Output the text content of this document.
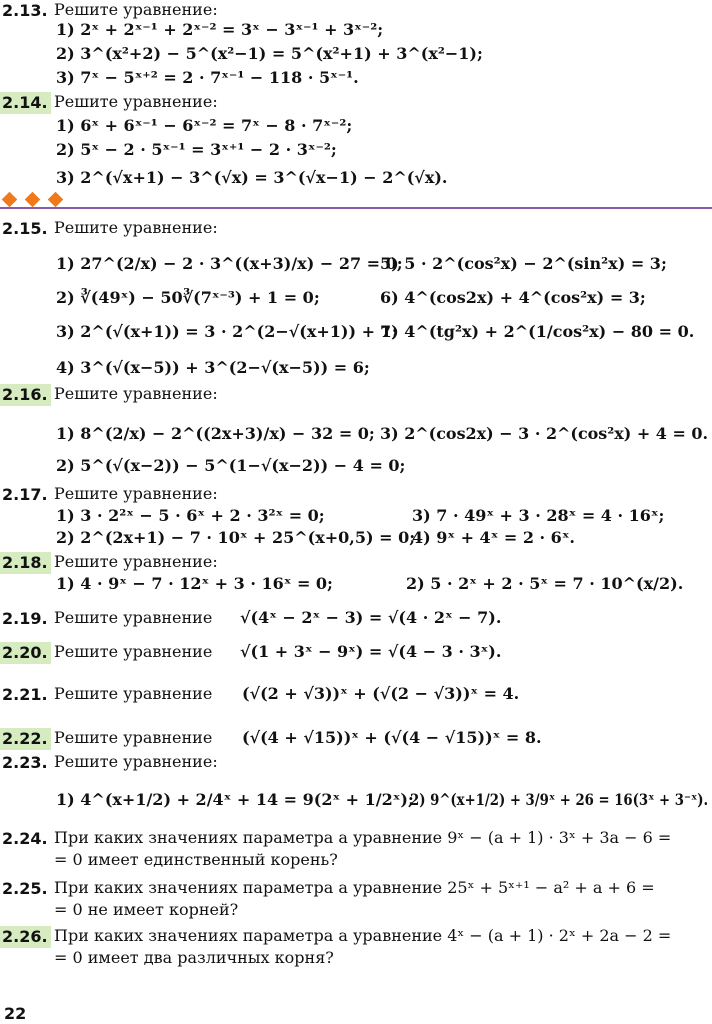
2.13. Решите уравнение:
1) 2ˣ + 2ˣ⁻¹ + 2ˣ⁻² = 3ˣ − 3ˣ⁻¹ + 3ˣ⁻²;
2) 3^(x²+2) − 5^(x²−1) = 5^(x²+1) + 3^(x²−1);
3) 7ˣ − 5ˣ⁺² = 2 · 7ˣ⁻¹ − 118 · 5ˣ⁻¹.
2.14. Решите уравнение:
1) 6ˣ + 6ˣ⁻¹ − 6ˣ⁻² = 7ˣ − 8 · 7ˣ⁻²;
2) 5ˣ − 2 · 5ˣ⁻¹ = 3ˣ⁺¹ − 2 · 3ˣ⁻²;
3) 2^(√x+1) − 3^(√x) = 3^(√x−1) − 2^(√x).
2.15. Решите уравнение:
1) 27^(2/x) − 2 · 3^((x+3)/x) − 27 = 0;
2) ∛(49ˣ) − 50∛(7ˣ⁻³) + 1 = 0;
3) 2^(√(x+1)) = 3 · 2^(2−√(x+1)) + 1;
4) 3^(√(x−5)) + 3^(2−√(x−5)) = 6;
5) 5 · 2^(cos²x) − 2^(sin²x) = 3;
6) 4^(cos2x) + 4^(cos²x) = 3;
7) 4^(tg²x) + 2^(1/cos²x) − 80 = 0.
2.16. Решите уравнение:
1) 8^(2/x) − 2^((2x+3)/x) − 32 = 0;
2) 5^(√(x−2)) − 5^(1−√(x−2)) − 4 = 0;
3) 2^(cos2x) − 3 · 2^(cos²x) + 4 = 0.
2.17. Решите уравнение:
1) 3 · 2²ˣ − 5 · 6ˣ + 2 · 3²ˣ = 0;
2) 2^(2x+1) − 7 · 10ˣ + 25^(x+0,5) = 0;
3) 7 · 49ˣ + 3 · 28ˣ = 4 · 16ˣ;
4) 9ˣ + 4ˣ = 2 · 6ˣ.
2.18. Решите уравнение:
1) 4 · 9ˣ − 7 · 12ˣ + 3 · 16ˣ = 0;	2) 5 · 2ˣ + 2 · 5ˣ = 7 · 10^(x/2).
2.19. Решите уравнение √(4ˣ − 2ˣ − 3) = √(4 · 2ˣ − 7).
2.20. Решите уравнение √(1 + 3ˣ − 9ˣ) = √(4 − 3 · 3ˣ).
2.21. Решите уравнение (√(2 + √3))ˣ + (√(2 − √3))ˣ = 4.
2.22. Решите уравнение (√(4 + √15))ˣ + (√(4 − √15))ˣ = 8.
2.23. Решите уравнение:
1) 4^(x+1/2) + 2/4ˣ + 14 = 9(2ˣ + 1/2ˣ);
2) 9^(x+1/2) + 3/9ˣ + 26 = 16(3ˣ + 3⁻ˣ).
2.24. При каких значениях параметра a уравнение 9ˣ − (a + 1) · 3ˣ + 3a − 6 =
= 0 имеет единственный корень?
2.25. При каких значениях параметра a уравнение 25ˣ + 5ˣ⁺¹ − a² + a + 6 =
= 0 не имеет корней?
2.26. При каких значениях параметра a уравнение 4ˣ − (a + 1) · 2ˣ + 2a − 2 =
= 0 имеет два различных корня?
22
